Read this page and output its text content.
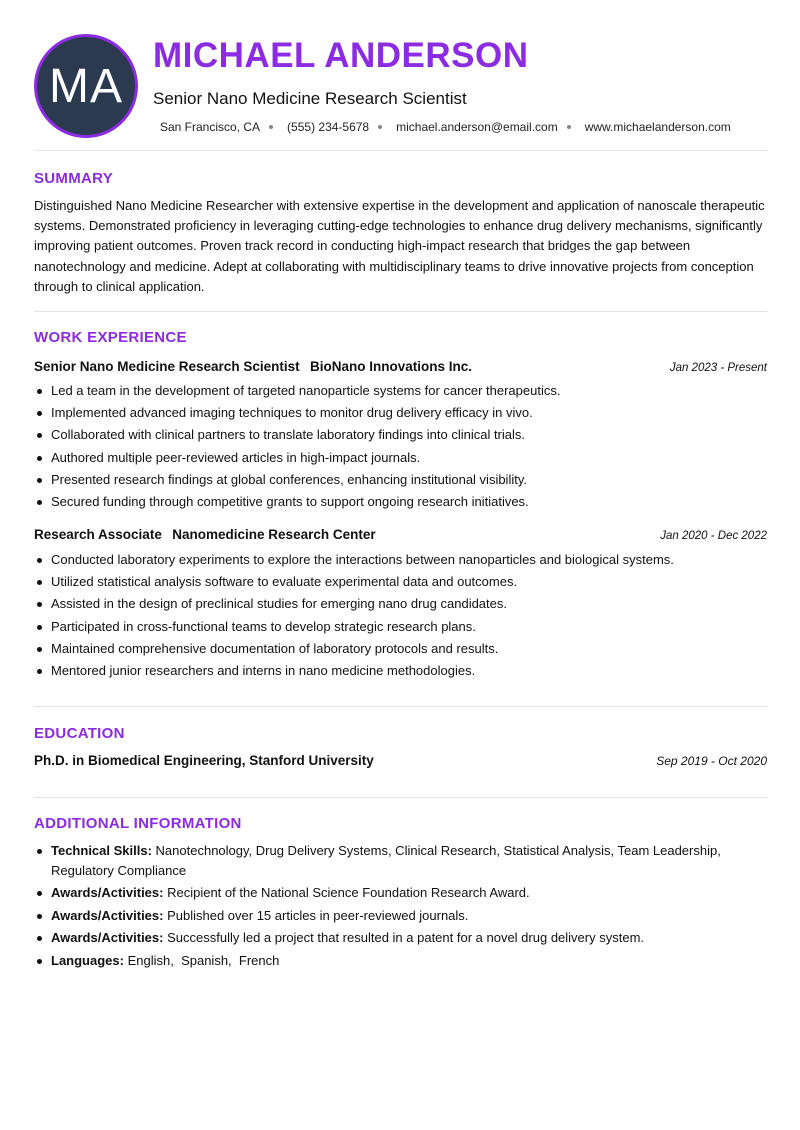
MA
MICHAEL ANDERSON
Senior Nano Medicine Research Scientist
San Francisco, CA (555) 234-5678 michael.anderson@email.com www.michaelanderson.com
SUMMARY

Distinguished Nano Medicine Researcher with extensive expertise in the development and application of nanoscale therapeutic systems. Demonstrated proficiency in leveraging cutting-edge technologies to enhance drug delivery mechanisms, significantly improving patient outcomes. Proven track record in conducting high-impact research that bridges the gap between nanotechnology and medicine. Adept at collaborating with multidisciplinary teams to drive innovative projects from conception through to clinical application.

WORK EXPERIENCE
Senior Nano Medicine Research Scientist BioNano Innovations Inc.	Jan 2023 - Present
Led a team in the development of targeted nanoparticle systems for cancer therapeutics.
Implemented advanced imaging techniques to monitor drug delivery efficacy in vivo.
Collaborated with clinical partners to translate laboratory findings into clinical trials.
Authored multiple peer-reviewed articles in high-impact journals.
Presented research findings at global conferences, enhancing institutional visibility.
Secured funding through competitive grants to support ongoing research initiatives.
Research Associate Nanomedicine Research Center	Jan 2020 - Dec 2022
Conducted laboratory experiments to explore the interactions between nanoparticles and biological systems.
Utilized statistical analysis software to evaluate experimental data and outcomes.
Assisted in the design of preclinical studies for emerging nano drug candidates.
Participated in cross-functional teams to develop strategic research plans.
Maintained comprehensive documentation of laboratory protocols and results.
Mentored junior researchers and interns in nano medicine methodologies.
EDUCATION
Ph.D. in Biomedical Engineering, Stanford University	Sep 2019 - Oct 2020
ADDITIONAL INFORMATION
Technical Skills: Nanotechnology, Drug Delivery Systems, Clinical Research, Statistical Analysis, Team Leadership, Regulatory Compliance
Awards/Activities: Recipient of the National Science Foundation Research Award.
Awards/Activities: Published over 15 articles in peer-reviewed journals.
Awards/Activities: Successfully led a project that resulted in a patent for a novel drug delivery system.
Languages: English,  Spanish,  French
